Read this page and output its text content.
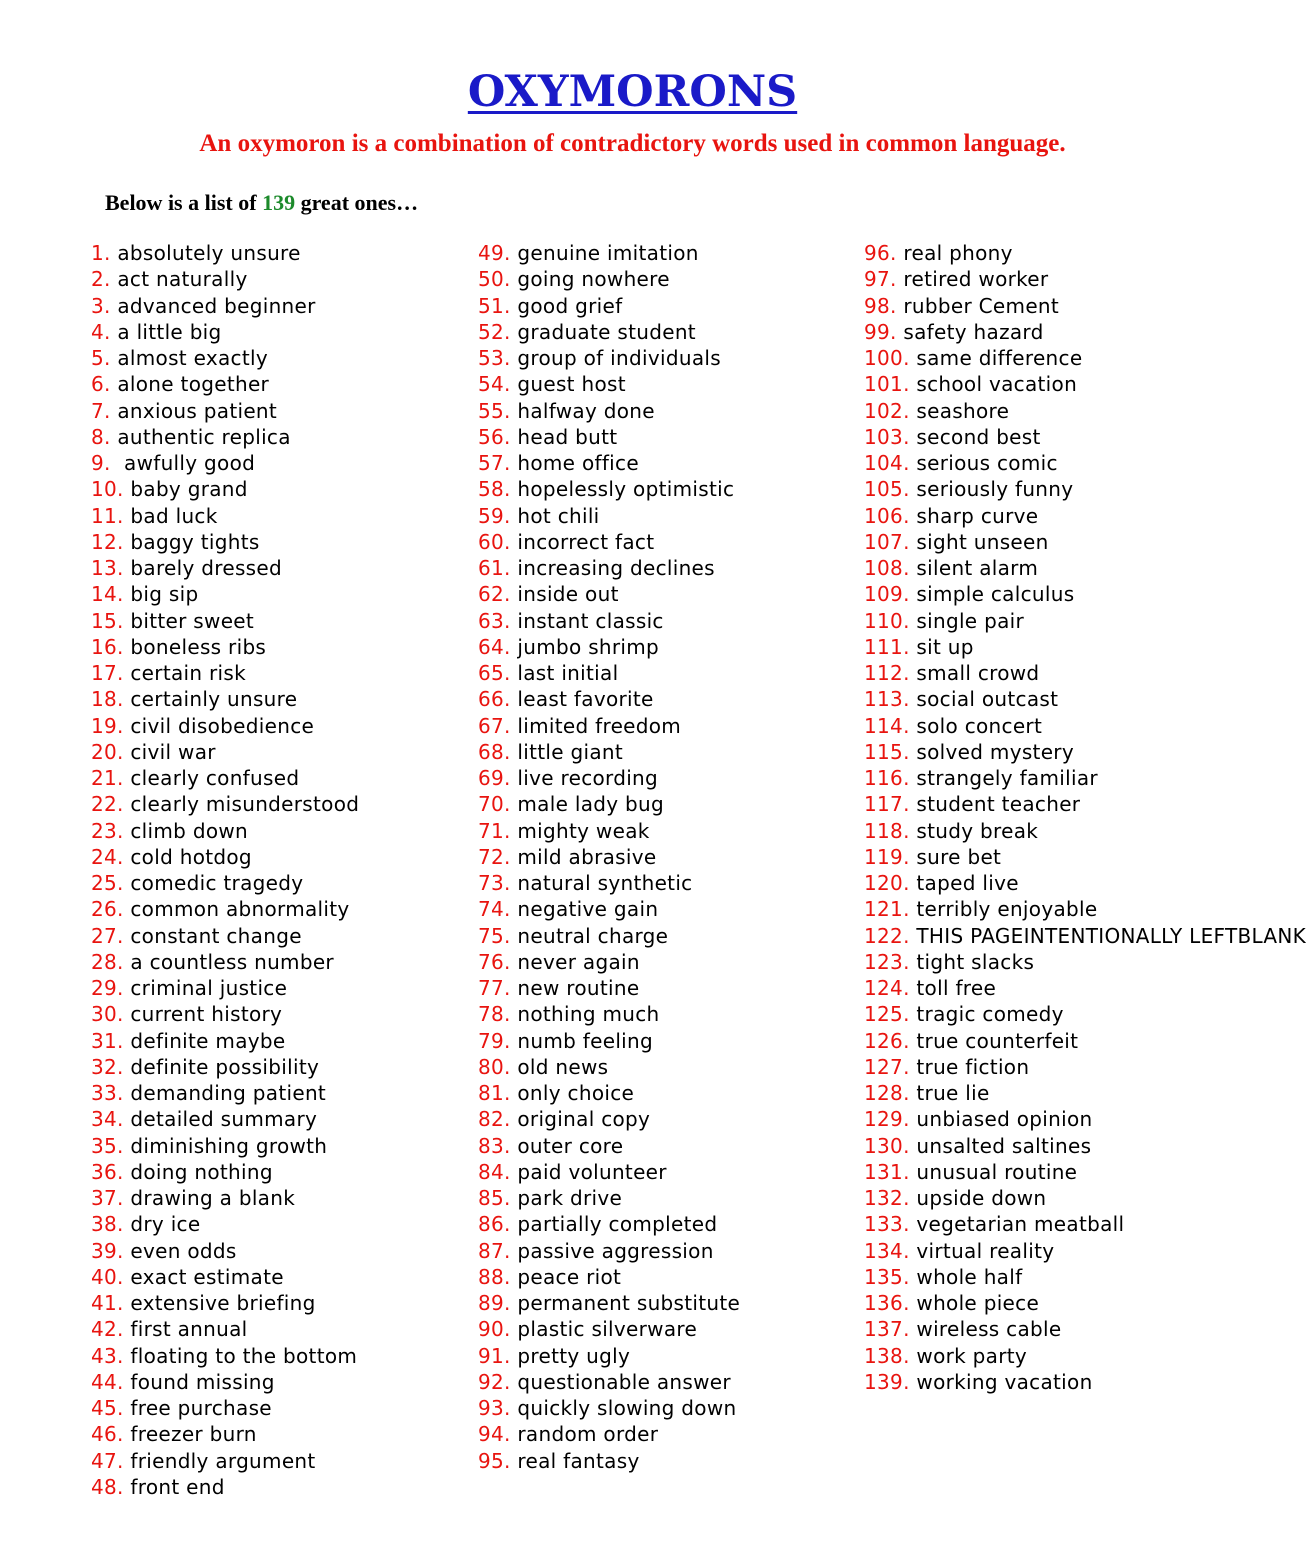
OXYMORONS

An oxymoron is a combination of contradictory words used in common language.

Below is a list of 139 great ones…

1. absolutely unsure
2. act naturally
3. advanced beginner
4. a little big
5. almost exactly
6. alone together
7. anxious patient
8. authentic replica
9.  awfully good
10. baby grand
11. bad luck
12. baggy tights
13. barely dressed
14. big sip
15. bitter sweet
16. boneless ribs
17. certain risk
18. certainly unsure
19. civil disobedience
20. civil war
21. clearly confused
22. clearly misunderstood
23. climb down
24. cold hotdog
25. comedic tragedy
26. common abnormality
27. constant change
28. a countless number
29. criminal justice
30. current history
31. definite maybe
32. definite possibility
33. demanding patient
34. detailed summary
35. diminishing growth
36. doing nothing
37. drawing a blank
38. dry ice
39. even odds
40. exact estimate
41. extensive briefing
42. first annual
43. floating to the bottom
44. found missing
45. free purchase
46. freezer burn
47. friendly argument
48. front end
49. genuine imitation
50. going nowhere
51. good grief
52. graduate student
53. group of individuals
54. guest host
55. halfway done
56. head butt
57. home office
58. hopelessly optimistic
59. hot chili
60. incorrect fact
61. increasing declines
62. inside out
63. instant classic
64. jumbo shrimp
65. last initial
66. least favorite
67. limited freedom
68. little giant
69. live recording
70. male lady bug
71. mighty weak
72. mild abrasive
73. natural synthetic
74. negative gain
75. neutral charge
76. never again
77. new routine
78. nothing much
79. numb feeling
80. old news
81. only choice
82. original copy
83. outer core
84. paid volunteer
85. park drive
86. partially completed
87. passive aggression
88. peace riot
89. permanent substitute
90. plastic silverware
91. pretty ugly
92. questionable answer
93. quickly slowing down
94. random order
95. real fantasy
96. real phony
97. retired worker
98. rubber Cement
99. safety hazard
100. same difference
101. school vacation
102. seashore
103. second best
104. serious comic
105. seriously funny
106. sharp curve
107. sight unseen
108. silent alarm
109. simple calculus
110. single pair
111. sit up
112. small crowd
113. social outcast
114. solo concert
115. solved mystery
116. strangely familiar
117. student teacher
118. study break
119. sure bet
120. taped live
121. terribly enjoyable
122. THIS PAGEINTENTIONALLY LEFTBLANK
123. tight slacks
124. toll free
125. tragic comedy
126. true counterfeit
127. true fiction
128. true lie
129. unbiased opinion
130. unsalted saltines
131. unusual routine
132. upside down
133. vegetarian meatball
134. virtual reality
135. whole half
136. whole piece
137. wireless cable
138. work party
139. working vacation
